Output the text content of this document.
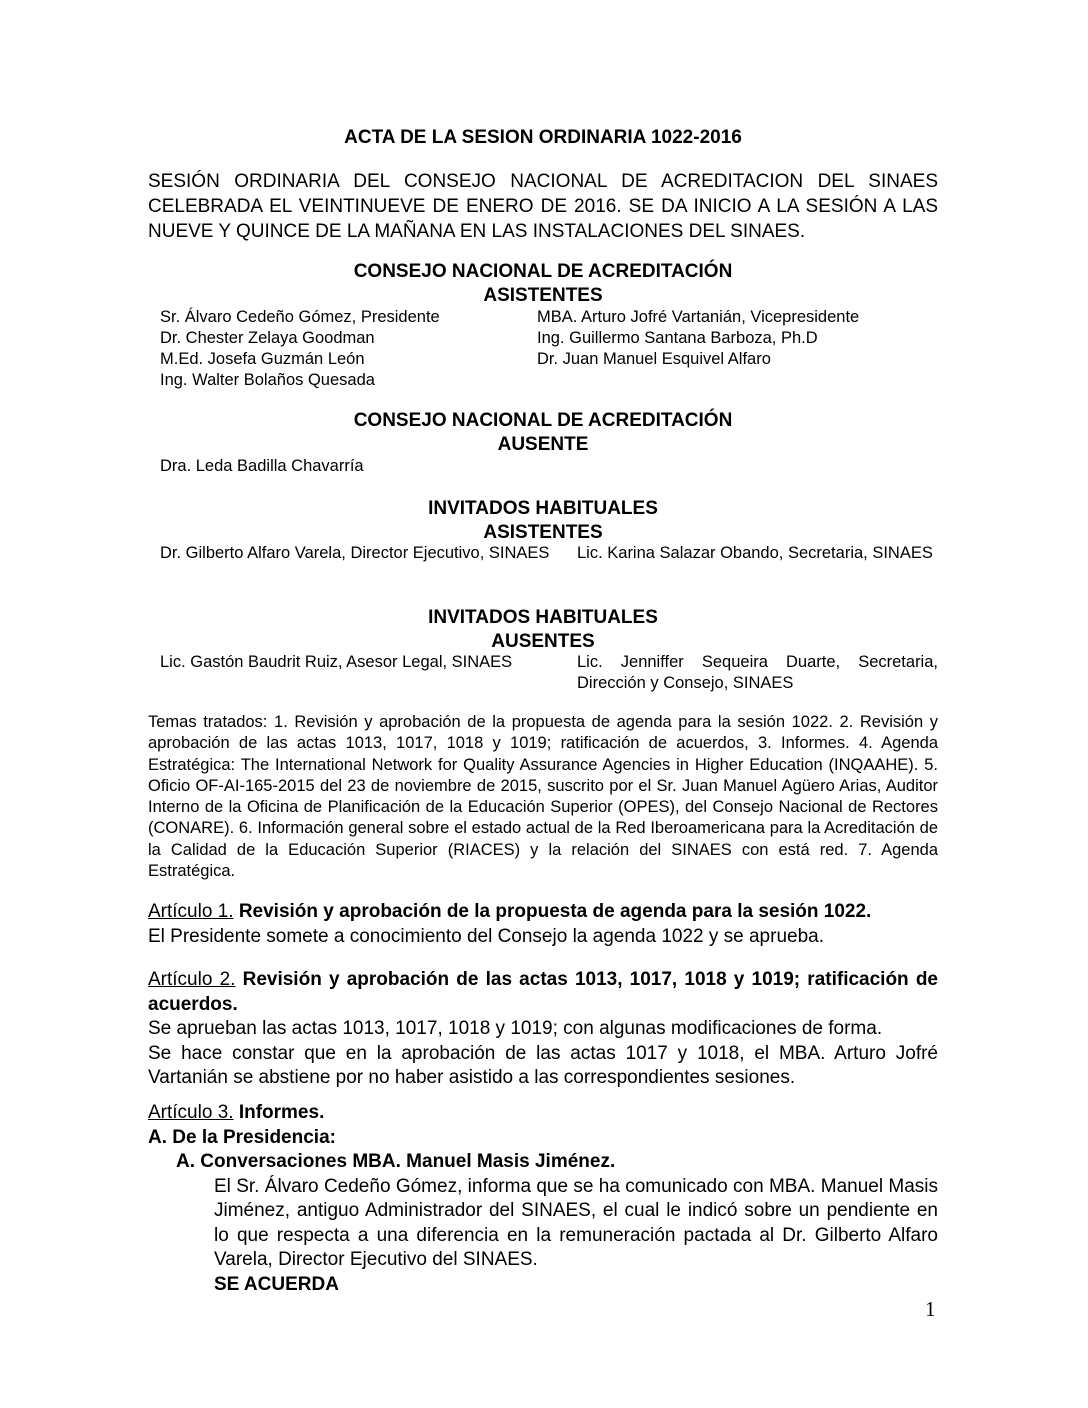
ACTA DE LA SESION ORDINARIA 1022-2016

SESIÓN ORDINARIA DEL CONSEJO NACIONAL DE ACREDITACION DEL SINAES CELEBRADA EL VEINTINUEVE DE ENERO DE 2016. SE DA INICIO A LA SESIÓN A LAS NUEVE Y QUINCE DE LA MAÑANA EN LAS INSTALACIONES DEL SINAES.

CONSEJO NACIONAL DE ACREDITACIÓN
ASISTENTES
Sr. Álvaro Cedeño Gómez, Presidente
Dr. Chester Zelaya Goodman
M.Ed. Josefa Guzmán León
Ing. Walter Bolaños Quesada
MBA. Arturo Jofré Vartanián, Vicepresidente
Ing. Guillermo Santana Barboza, Ph.D
Dr. Juan Manuel Esquivel Alfaro
CONSEJO NACIONAL DE ACREDITACIÓN
AUSENTE
Dra. Leda Badilla Chavarría
INVITADOS HABITUALES
ASISTENTES
Dr. Gilberto Alfaro Varela, Director Ejecutivo, SINAES	Lic. Karina Salazar Obando, Secretaria, SINAES
INVITADOS HABITUALES
AUSENTES
Lic. Gastón Baudrit Ruiz, Asesor Legal, SINAES	Lic. Jenniffer Sequeira Duarte, Secretaria, Dirección y Consejo, SINAES

Temas tratados: 1. Revisión y aprobación de la propuesta de agenda para la sesión 1022. 2. Revisión y aprobación de las actas 1013, 1017, 1018 y 1019; ratificación de acuerdos, 3. Informes. 4. Agenda Estratégica: The International Network for Quality Assurance Agencies in Higher Education (INQAAHE). 5. Oficio OF-AI-165-2015 del 23 de noviembre de 2015, suscrito por el Sr. Juan Manuel Agüero Arias, Auditor Interno de la Oficina de Planificación de la Educación Superior (OPES), del Consejo Nacional de Rectores (CONARE). 6. Información general sobre el estado actual de la Red Iberoamericana para la Acreditación de la Calidad de la Educación Superior (RIACES) y la relación del SINAES con está red. 7. Agenda Estratégica.

Artículo 1. Revisión y aprobación de la propuesta de agenda para la sesión 1022.

El Presidente somete a conocimiento del Consejo la agenda 1022 y se aprueba.

Artículo 2. Revisión y aprobación de las actas 1013, 1017, 1018 y 1019; ratificación de acuerdos.

Se aprueban las actas 1013, 1017, 1018 y 1019; con algunas modificaciones de forma.

Se hace constar que en la aprobación de las actas 1017 y 1018, el MBA. Arturo Jofré Vartanián se abstiene por no haber asistido a las correspondientes sesiones.

Artículo 3. Informes.

A. De la Presidencia:

A. Conversaciones MBA. Manuel Masis Jiménez.

El Sr. Álvaro Cedeño Gómez, informa que se ha comunicado con MBA. Manuel Masis Jiménez, antiguo Administrador del SINAES, el cual le indicó sobre un pendiente en lo que respecta a una diferencia en la remuneración pactada al Dr. Gilberto Alfaro Varela, Director Ejecutivo del SINAES.

SE ACUERDA

1
